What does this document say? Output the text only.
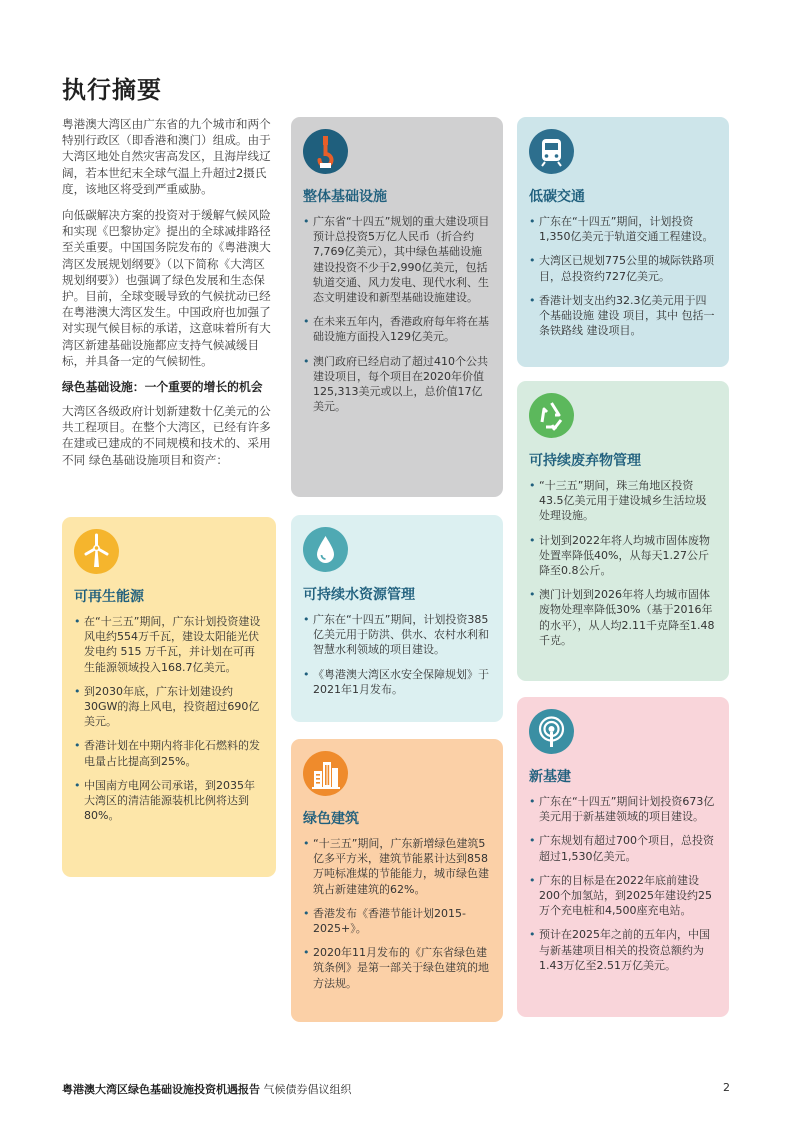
执行摘要

粤港澳大湾区由广东省的九个城市和两个特别行政区（即香港和澳门）组成。由于大湾区地处自然灾害高发区，且海岸线辽阔，若本世纪末全球气温上升超过2摄氏度，该地区将受到严重威胁。

向低碳解决方案的投资对于缓解气候风险和实现《巴黎协定》提出的全球减排路径至关重要。中国国务院发布的《粤港澳大湾区发展规划纲要》（以下简称《大湾区规划纲要》）也强调了绿色发展和生态保护。目前，全球变暖导致的气候扰动已经在粤港澳大湾区发生。中国政府也加强了对实现气候目标的承诺，这意味着所有大湾区新建基础设施都应支持气候减缓目标，并具备一定的气候韧性。

绿色基础设施：一个重要的增长的机会

大湾区各级政府计划新建数十亿美元的公共工程项目。在整个大湾区，已经有许多在建或已建成的不同规模和技术的、采用不同 绿色基础设施项目和资产：

整体基础设施
• 广东省“十四五”规划的重大建设项目预计总投资5万亿人民币（折合约7,769亿美元），其中绿色基础设施建设投资不少于2,990亿美元，包括轨道交通、风力发电、现代水利、生态文明建设和新型基础设施建设。
• 在未来五年内，香港政府每年将在基础设施方面投入129亿美元。
• 澳门政府已经启动了超过410个公共建设项目，每个项目在2020年价值125,313美元或以上，总价值17亿美元。
低碳交通
• 广东在“十四五”期间，计划投资1,350亿美元于轨道交通工程建设。
• 大湾区已规划775公里的城际铁路项目，总投资约727亿美元。
• 香港计划支出约32.3亿美元用于四个基础设施 建设 项目，其中 包括一条铁路线 建设项目。
可持续废弃物管理
• “十三五”期间，珠三角地区投资43.5亿美元用于建设城乡生活垃圾处理设施。
• 计划到2022年将人均城市固体废物处置率降低40%，从每天1.27公斤降至0.8公斤。
• 澳门计划到2026年将人均城市固体废物处理率降低30%（基于2016年的水平），从人均2.11千克降至1.48千克。
可再生能源
• 在“十三五”期间，广东计划投资建设风电约554万千瓦，建设太阳能光伏发电约 515 万千瓦，并计划在可再生能源领域投入168.7亿美元。
• 到2030年底，广东计划建设约30GW的海上风电，投资超过690亿美元。
• 香港计划在中期内将非化石燃料的发电量占比提高到25%。
• 中国南方电网公司承诺，到2035年大湾区的清洁能源装机比例将达到80%。
可持续水资源管理
• 广东在“十四五”期间，计划投资385亿美元用于防洪、供水、农村水利和智慧水利领域的项目建设。
• 《粤港澳大湾区水安全保障规划》于2021年1月发布。
绿色建筑
• “十三五”期间，广东新增绿色建筑5亿多平方米，建筑节能累计达到858万吨标准煤的节能能力，城市绿色建筑占新建建筑的62%。
• 香港发布《香港节能计划2015-2025+》。
• 2020年11月发布的《广东省绿色建筑条例》是第一部关于绿色建筑的地方法规。
新基建
• 广东在“十四五”期间计划投资673亿美元用于新基建领域的项目建设。
• 广东规划有超过700个项目，总投资超过1,530亿美元。
• 广东的目标是在2022年底前建设200个加氢站，到2025年建设约25万个充电桩和4,500座充电站。
• 预计在2025年之前的五年内，中国与新基建项目相关的投资总额约为1.43万亿至2.51万亿美元。
粤港澳大湾区绿色基础设施投资机遇报告 气候债券倡议组织	2
